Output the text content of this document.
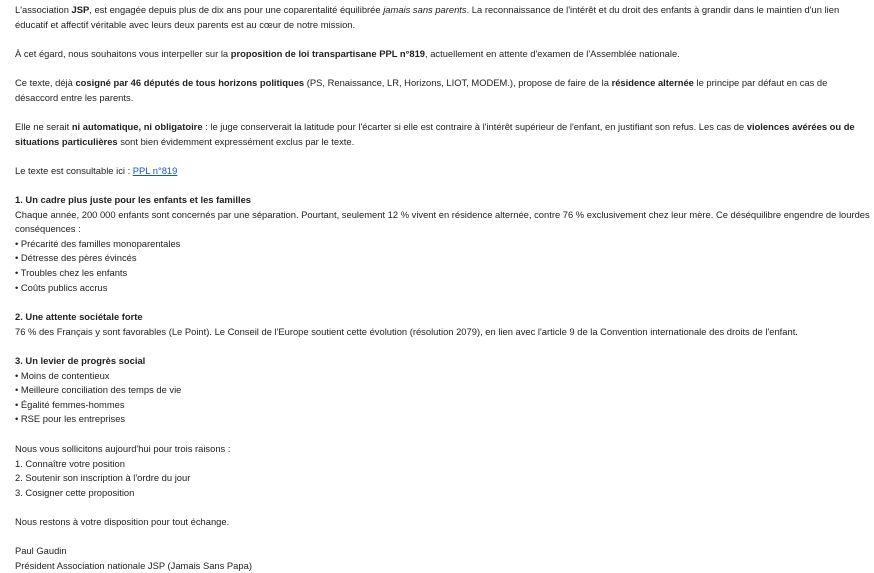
L'association JSP, est engagée depuis plus de dix ans pour une coparentalité équilibrée jamais sans parents. La reconnaissance de l'intérêt et du droit des enfants à grandir dans le maintien d'un lien éducatif et affectif véritable avec leurs deux parents est au cœur de notre mission.

À cet égard, nous souhaitons vous interpeller sur la proposition de loi transpartisane PPL n°819, actuellement en attente d'examen de l'Assemblée nationale.

Ce texte, déjà cosigné par 46 députés de tous horizons politiques (PS, Renaissance, LR, Horizons, LIOT, MODEM.), propose de faire de la résidence alternée le principe par défaut en cas de désaccord entre les parents.

Elle ne serait ni automatique, ni obligatoire : le juge conserverait la latitude pour l'écarter si elle est contraire à l'intérêt supérieur de l'enfant, en justifiant son refus. Les cas de violences avérées ou de situations particulières sont bien évidemment expressément exclus par le texte.

Le texte est consultable ici : PPL n°819

1. Un cadre plus juste pour les enfants et les familles
Chaque année, 200 000 enfants sont concernés par une séparation. Pourtant, seulement 12 % vivent en résidence alternée, contre 76 % exclusivement chez leur mère. Ce déséquilibre engendre de lourdes conséquences :
• Précarité des familles monoparentales
• Détresse des pères évincés
• Troubles chez les enfants
• Coûts publics accrus
2. Une attente sociétale forte
76 % des Français y sont favorables (Le Point). Le Conseil de l'Europe soutient cette évolution (résolution 2079), en lien avec l'article 9 de la Convention internationale des droits de l'enfant.
3. Un levier de progrès social
• Moins de contentieux
• Meilleure conciliation des temps de vie
• Égalité femmes-hommes
• RSE pour les entreprises
Nous vous sollicitons aujourd'hui pour trois raisons :
1. Connaître votre position
2. Soutenir son inscription à l'ordre du jour
3. Cosigner cette proposition

Nous restons à votre disposition pour tout échange.

Paul Gaudin
Président Association nationale JSP (Jamais Sans Papa)
